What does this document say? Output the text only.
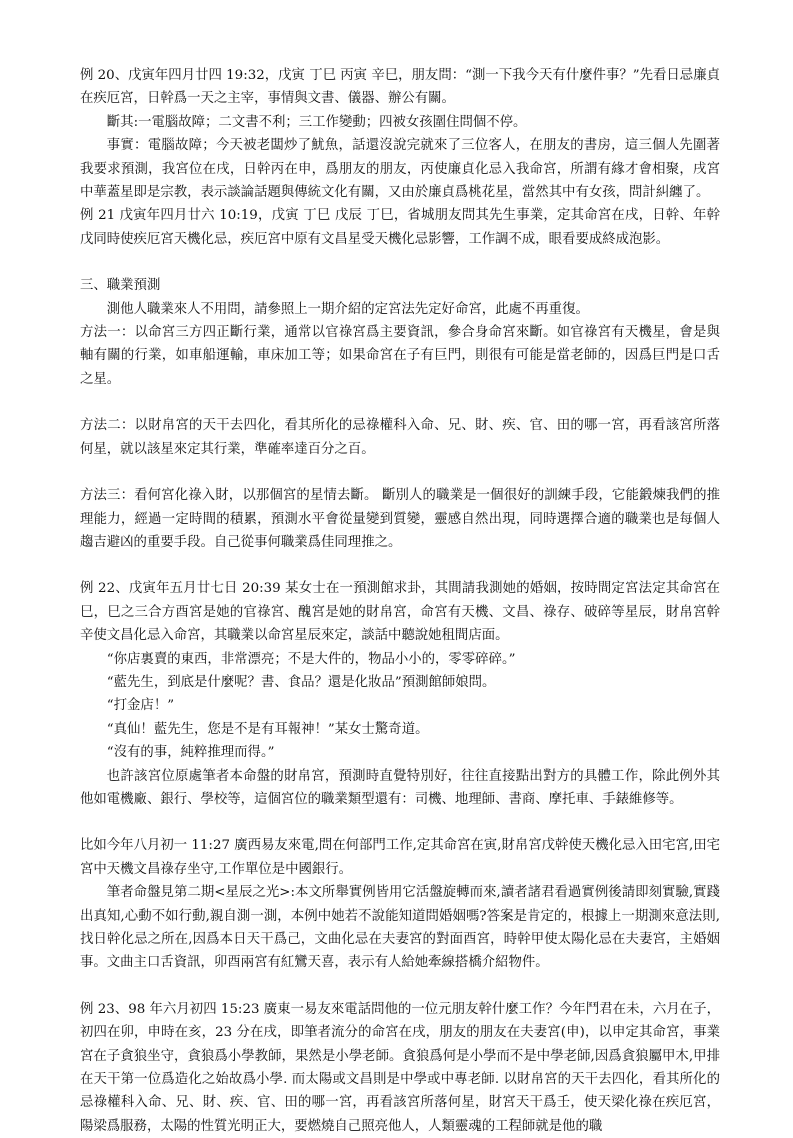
例 20、戊寅年四月廿四 19:32，戊寅 丁巳 丙寅 辛巳，朋友問：“測一下我今天有什麼件事？”先看日忌廉貞在疾厄宮，日幹爲一天之主宰，事情與文書、儀器、辦公有關。

斷其:一電腦故障；二文書不利；三工作變動；四被女孩圍住問個不停。

事實：電腦故障；今天被老闆炒了魷魚，話還沒說完就來了三位客人，在朋友的書房，這三個人先圍著我要求預測，我宮位在戌，日幹丙在申，爲朋友的朋友，丙使廉貞化忌入我命宮，所謂有緣才會相聚，戌宮中華蓋星即是宗教，表示談論話題與傳統文化有關，又由於廉貞爲桃花星，當然其中有女孩，問計糾纏了。

例 21 戊寅年四月廿六 10:19，戊寅 丁巳 戊辰 丁巳，省城朋友問其先生事業，定其命宮在戌，日幹、年幹戊同時使疾厄宮天機化忌，疾厄宮中原有文昌星受天機化忌影響，工作調不成，眼看要成終成泡影。

三、職業預測

測他人職業來人不用問，請參照上一期介紹的定宮法先定好命宮，此處不再重復。

方法一：以命宮三方四正斷行業，通常以官祿宮爲主要資訊，參合身命宮來斷。如官祿宮有天機星，會是與軸有關的行業，如車船運輸，車床加工等；如果命宮在子有巨門，則很有可能是當老師的，因爲巨門是口舌之星。

方法二：以財帛宮的天干去四化，看其所化的忌祿權科入命、兄、財、疾、官、田的哪一宮，再看該宮所落何星，就以該星來定其行業，準確率達百分之百。

方法三：看何宮化祿入財，以那個宮的星情去斷。 斷別人的職業是一個很好的訓練手段，它能鍛煉我們的推理能力，經過一定時間的積累，預測水平會從量變到質變，靈感自然出現，同時選擇合適的職業也是每個人趨吉避凶的重要手段。自己從事何職業爲佳同理推之。

例 22、戊寅年五月廿七日 20:39 某女士在一預測館求卦，其間請我測她的婚姻，按時間定宮法定其命宮在巳，巳之三合方酉宮是她的官祿宮、醜宮是她的財帛宮，命宮有天機、文昌、祿存、破碎等星辰，財帛宮幹辛使文昌化忌入命宮，其職業以命宮星辰來定，談話中聽說她租間店面。

“你店裏賣的東西，非常漂亮；不是大件的，物品小小的，零零碎碎。”

“藍先生，到底是什麼呢？書、食品？還是化妝品”預測館師娘問。

“打金店！”

“真仙！藍先生，您是不是有耳報神！”某女士驚奇道。

“沒有的事，純粹推理而得。”

也許該宮位原處筆者本命盤的財帛宮，預測時直覺特別好，往往直接點出對方的具體工作，除此例外其他如電機廠、銀行、學校等，這個宮位的職業類型還有：司機、地理師、書商、摩托車、手錶維修等。

比如今年八月初一 11:27 廣西易友來電,問在何部門工作,定其命宮在寅,財帛宮戊幹使天機化忌入田宅宮,田宅宮中天機文昌祿存坐守,工作單位是中國銀行。

筆者命盤見第二期<星辰之光>:本文所舉實例皆用它活盤旋轉而來,讀者諸君看過實例後請即刻實驗,實踐出真知,心動不如行動,親自測一測，本例中她若不說能知道問婚姻嗎?答案是肯定的，根據上一期測來意法則,找日幹化忌之所在,因爲本日天干爲己，文曲化忌在夫妻宮的對面酉宮，時幹甲使太陽化忌在夫妻宮，主婚姻事。文曲主口舌資訊，卯酉兩宮有紅鸞天喜，表示有人給她牽線搭橋介紹物件。

例 23、98 年六月初四 15:23 廣東一易友來電話問他的一位元朋友幹什麼工作？今年鬥君在未，六月在子，初四在卯，申時在亥，23 分在戌，即筆者流分的命宮在戌，朋友的朋友在夫妻宮(申)，以申定其命宮，事業宮在子貪狼坐守，貪狼爲小學教師，果然是小學老師。貪狼爲何是小學而不是中學老師,因爲貪狼屬甲木,甲排在天干第一位爲造化之始故爲小學. 而太陽或文昌則是中學或中專老師. 以財帛宮的天干去四化，看其所化的忌祿權科入命、兄、財、疾、官、田的哪一宮，再看該宮所落何星，財宮天干爲壬，使天梁化祿在疾厄宮，陽梁爲服務，太陽的性質光明正大，要燃燒自己照亮他人，人類靈魂的工程師就是他的職
